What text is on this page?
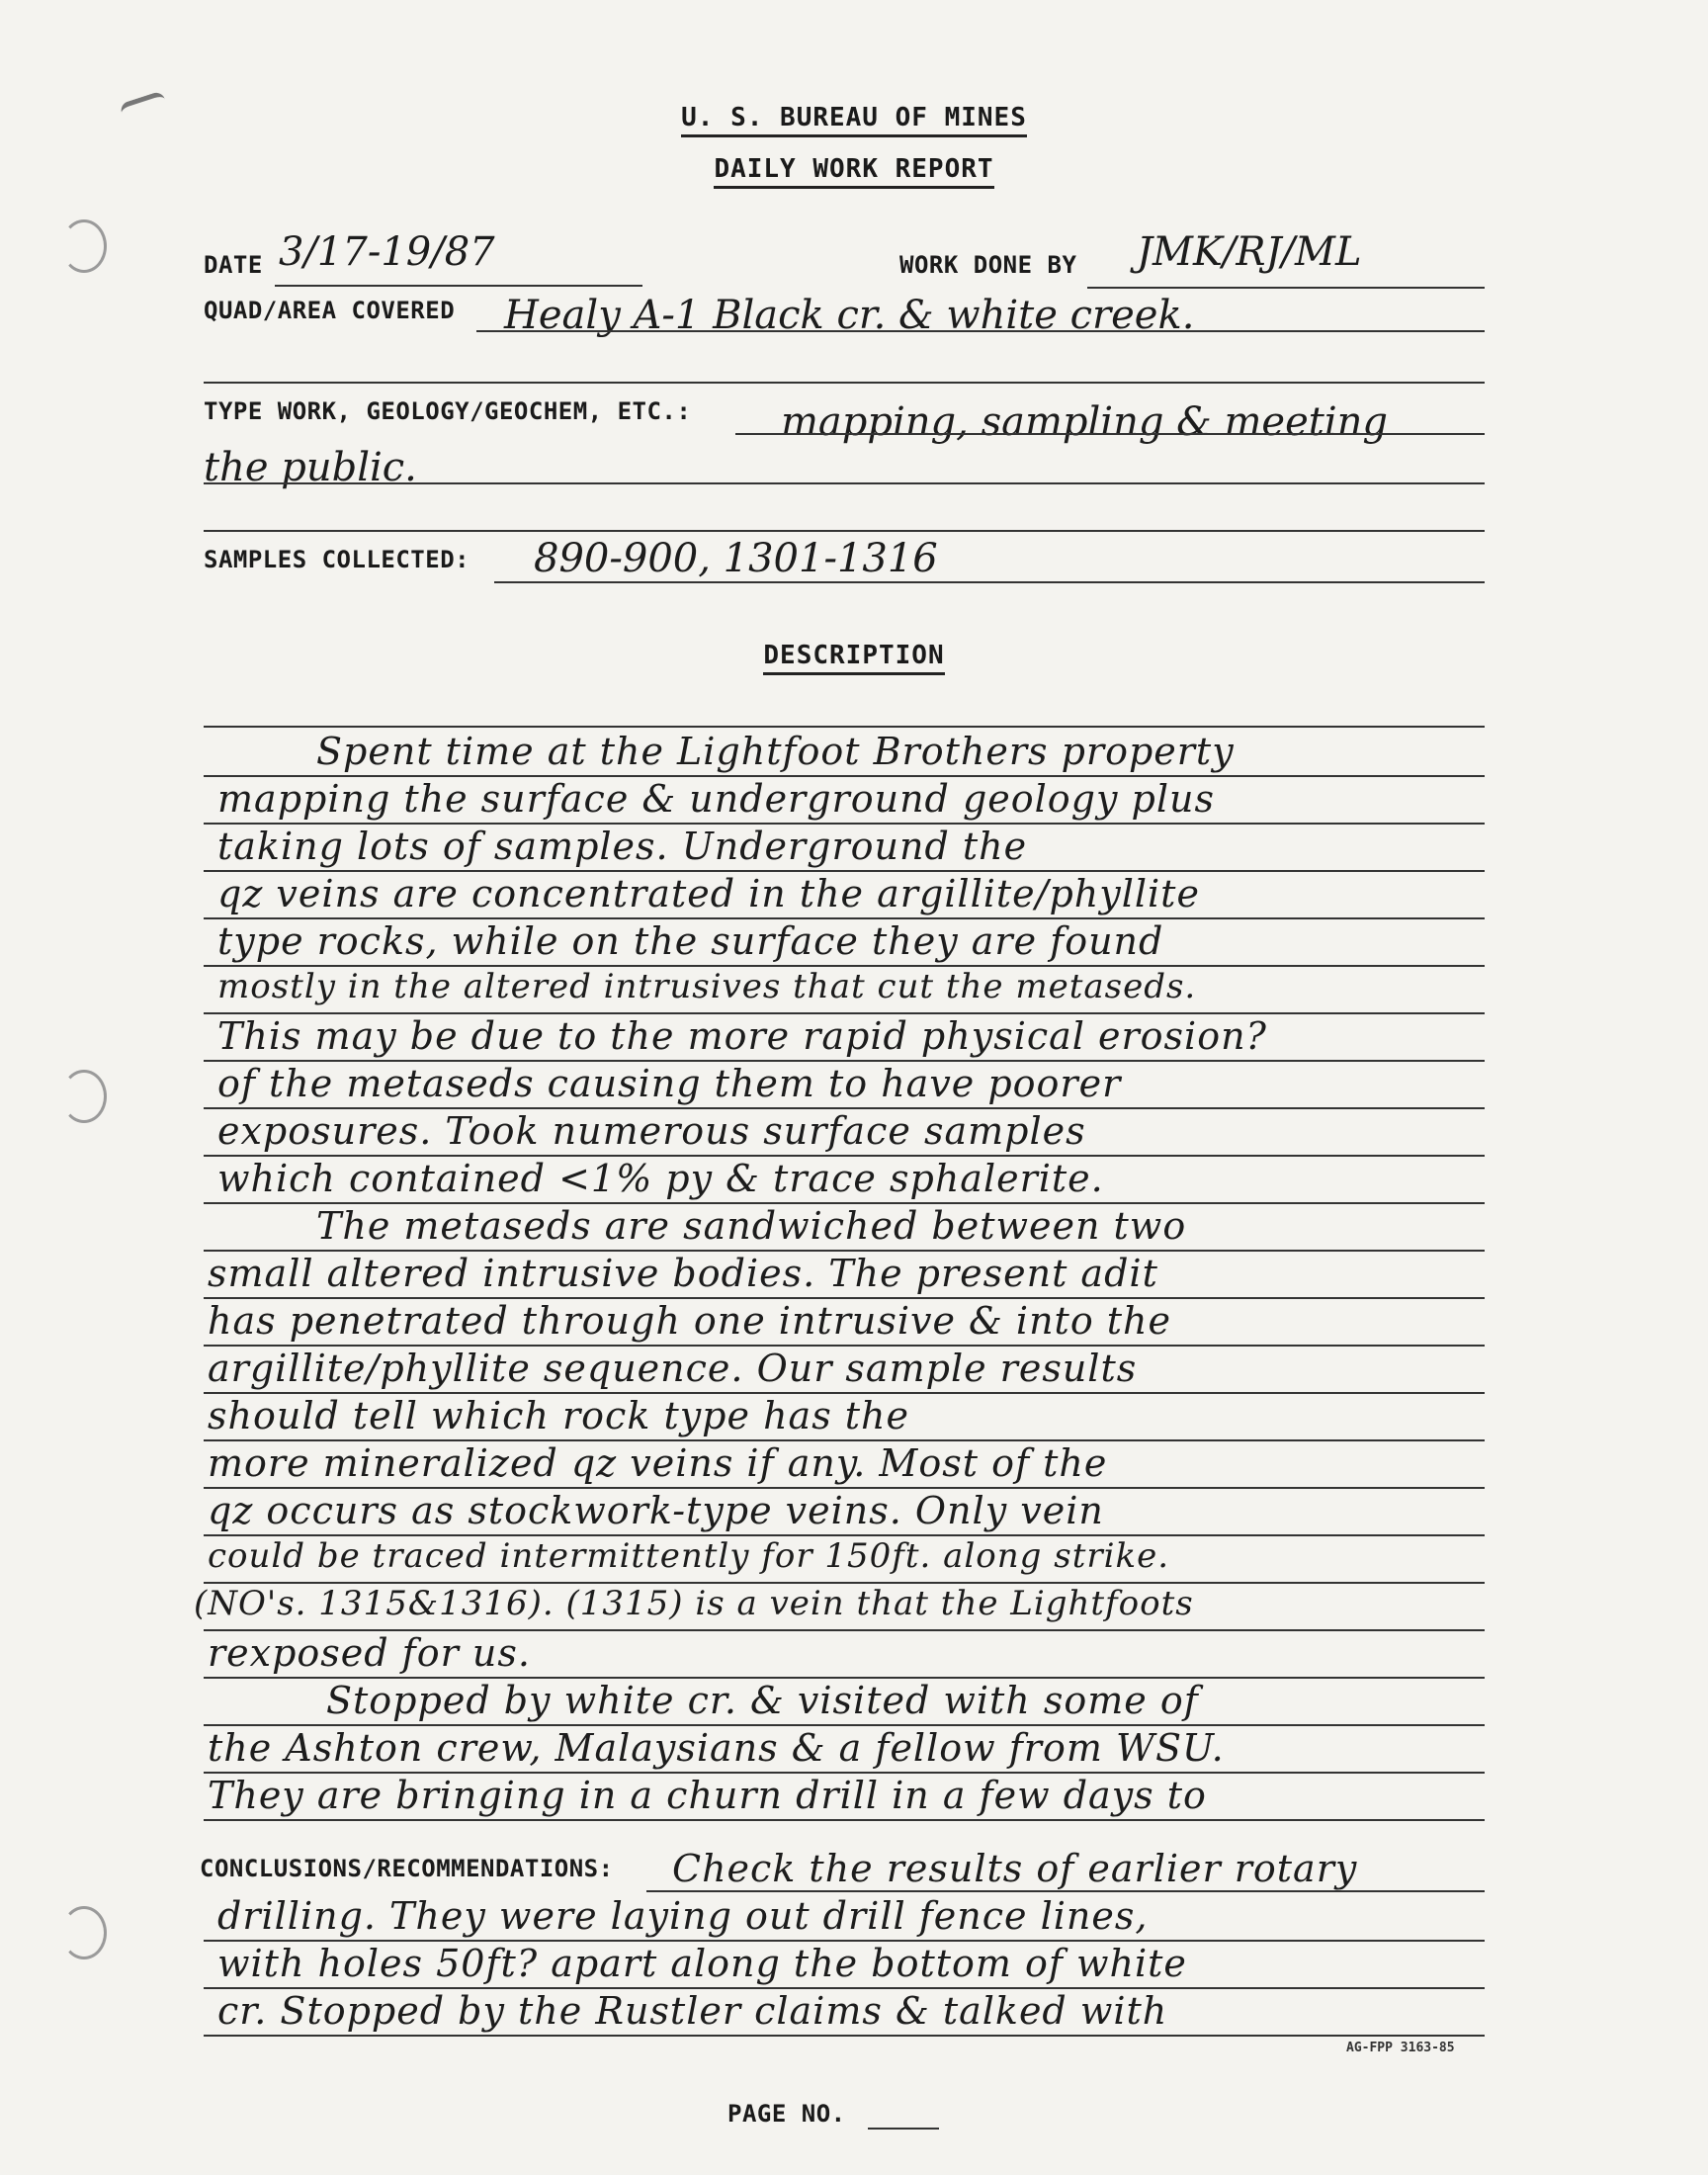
U. S. BUREAU OF MINES
DAILY WORK REPORT
DATE 3/17-19/87	WORK DONE BY JMK/RJ/ML
QUAD/AREA COVERED Healy A-1 Black cr. & white creek.
TYPE WORK, GEOLOGY/GEOCHEM, ETC.: mapping, sampling & meeting
the public.
SAMPLES COLLECTED: 890-900, 1301-1316
DESCRIPTION
Spent time at the Lightfoot Brothers property
mapping the surface & underground geology plus
taking lots of samples. Underground the
qz veins are concentrated in the argillite/phyllite
type rocks, while on the surface they are found
mostly in the altered intrusives that cut the metaseds.
This may be due to the more rapid physical erosion?
of the metaseds causing them to have poorer
exposures. Took numerous surface samples
which contained <1% py & trace sphalerite.
The metaseds are sandwiched between two
small altered intrusive bodies. The present adit
has penetrated through one intrusive & into the
argillite/phyllite sequence. Our sample results
should tell which rock type has the
more mineralized qz veins if any. Most of the
qz occurs as stockwork-type veins. Only vein
could be traced intermittently for 150ft. along strike.
(NO's. 1315&1316). (1315) is a vein that the Lightfoots
rexposed for us.
Stopped by white cr. & visited with some of
the Ashton crew, Malaysians & a fellow from WSU.
They are bringing in a churn drill in a few days to
CONCLUSIONS/RECOMMENDATIONS: Check the results of earlier rotary
drilling. They were laying out drill fence lines,
with holes 50ft? apart along the bottom of white
cr. Stopped by the Rustler claims & talked with
AG-FPP 3163-85
PAGE NO.
